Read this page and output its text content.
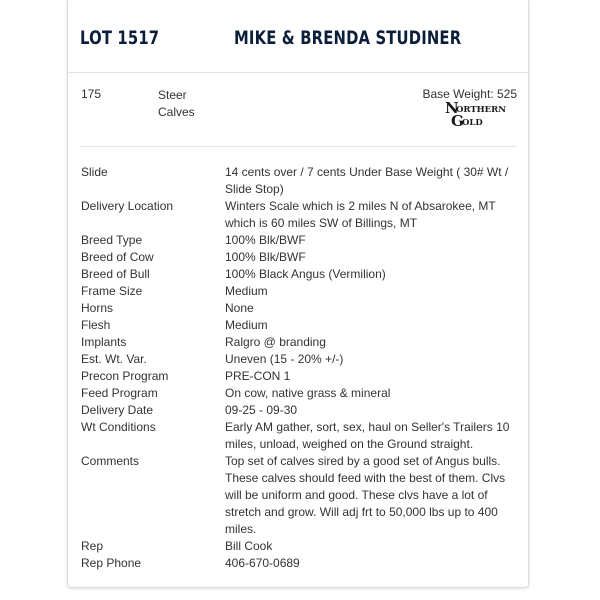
LOT 1517	MIKE & BRENDA STUDINER
175	Steer Calves
Base Weight: 525
N
ORTHERN
G
OLD
Slide	14 cents over / 7 cents Under Base Weight ( 30# Wt / Slide Stop)
Delivery Location	Winters Scale which is 2 miles N of Absarokee, MT which is 60 miles SW of Billings, MT
Breed Type	100% Blk/BWF
Breed of Cow	100% Blk/BWF
Breed of Bull	100% Black Angus (Vermilion)
Frame Size	Medium
Horns	None
Flesh	Medium
Implants	Ralgro @ branding
Est. Wt. Var.	Uneven (15 - 20% +/-)
Precon Program	PRE-CON 1
Feed Program	On cow, native grass & mineral
Delivery Date	09-25 - 09-30
Wt Conditions	Early AM gather, sort, sex, haul on Seller's Trailers 10 miles, unload, weighed on the Ground straight.
Comments	Top set of calves sired by a good set of Angus bulls. These calves should feed with the best of them. Clvs will be uniform and good. These clvs have a lot of stretch and grow. Will adj frt to 50,000 lbs up to 400 miles.
Rep	Bill Cook
Rep Phone	406-670-0689
